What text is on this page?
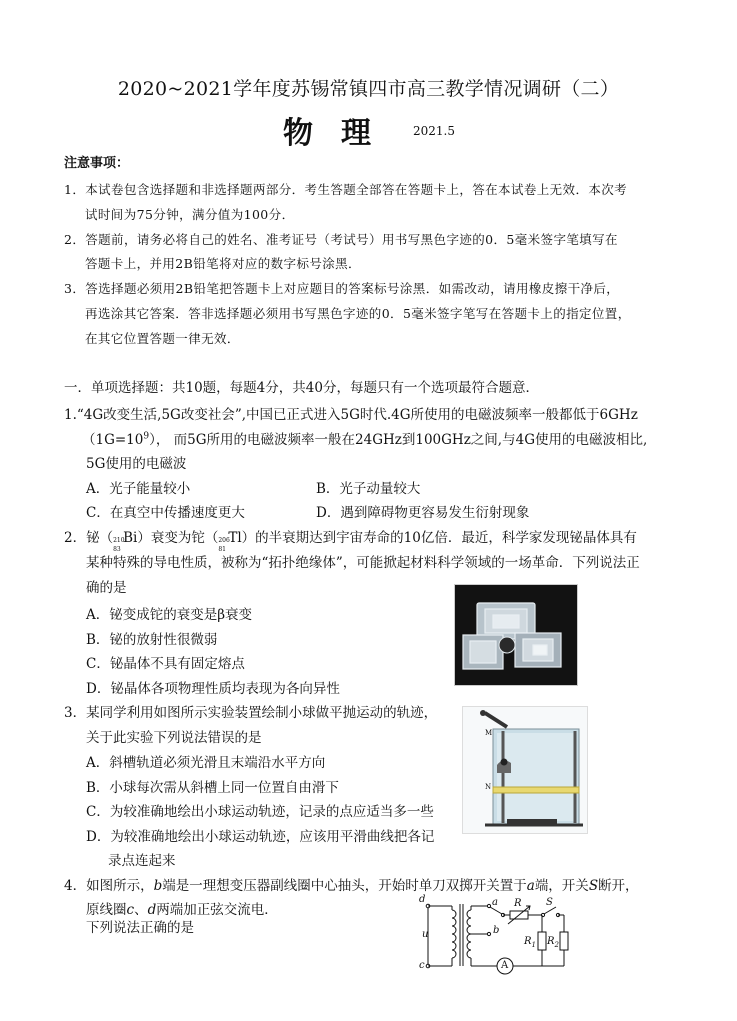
2020~2021学年度苏锡常镇四市高三教学情况调研（二）
物理 2021.5
注意事项：
1．本试卷包含选择题和非选择题两部分．考生答题全部答在答题卡上，答在本试卷上无效．本次考
试时间为75分钟，满分值为100分．
2．答题前，请务必将自己的姓名、准考证号（考试号）用书写黑色字迹的0．5毫米签字笔填写在
答题卡上，并用2B铅笔将对应的数字标号涂黑．
3．答选择题必须用2B铅笔把答题卡上对应题目的答案标号涂黑．如需改动，请用橡皮擦干净后，
再选涂其它答案．答非选择题必须用书写黑色字迹的0．5毫米签字笔写在答题卡上的指定位置，
在其它位置答题一律无效．
一．单项选择题：共10题，每题4分，共40分，每题只有一个选项最符合题意．
1.“4G改变生活,5G改变社会”,中国已正式进入5G时代.4G所使用的电磁波频率一般都低于6GHz
$(1G=10^9)$， 而5G所用的电磁波频率一般在24GHz到100GHz之间,与4G使用的电磁波相比,
5G使用的电磁波
A．光子能量较小	B．光子动量较大
C．在真空中传播速度更大	D．遇到障碍物更容易发生衍射现象
2．铋（ 210
83
Bi）衰变为铊（ 206
81
Tl）的半衰期达到宇宙寿命的10亿倍．最近，科学家发现铋晶体具有
某种特殊的导电性质，被称为“拓扑绝缘体”，可能掀起材料科学领域的一场革命．下列说法正
确的是
A．铋变成铊的衰变是β衰变
B．铋的放射性很微弱
C．铋晶体不具有固定熔点
D．铋晶体各项物理性质均表现为各向异性
3．某同学利用如图所示实验装置绘制小球做平抛运动的轨迹，
关于此实验下列说法错误的是
A．斜槽轨道必须光滑且末端沿水平方向
B．小球每次需从斜槽上同一位置自由滑下
C．为较准确地绘出小球运动轨迹，记录的点应适当多一些
D．为较准确地绘出小球运动轨迹，应该用平滑曲线把各记
录点连起来
M
N
4．如图所示，b端是一理想变压器副线圈中心抽头，开始时单刀双掷开关置于a端，开关S断开，
原线圈c、d两端加正弦交流电．
下列说法正确的是
d
c
u
a
b
R S
$R_1$ $R_2$
A
